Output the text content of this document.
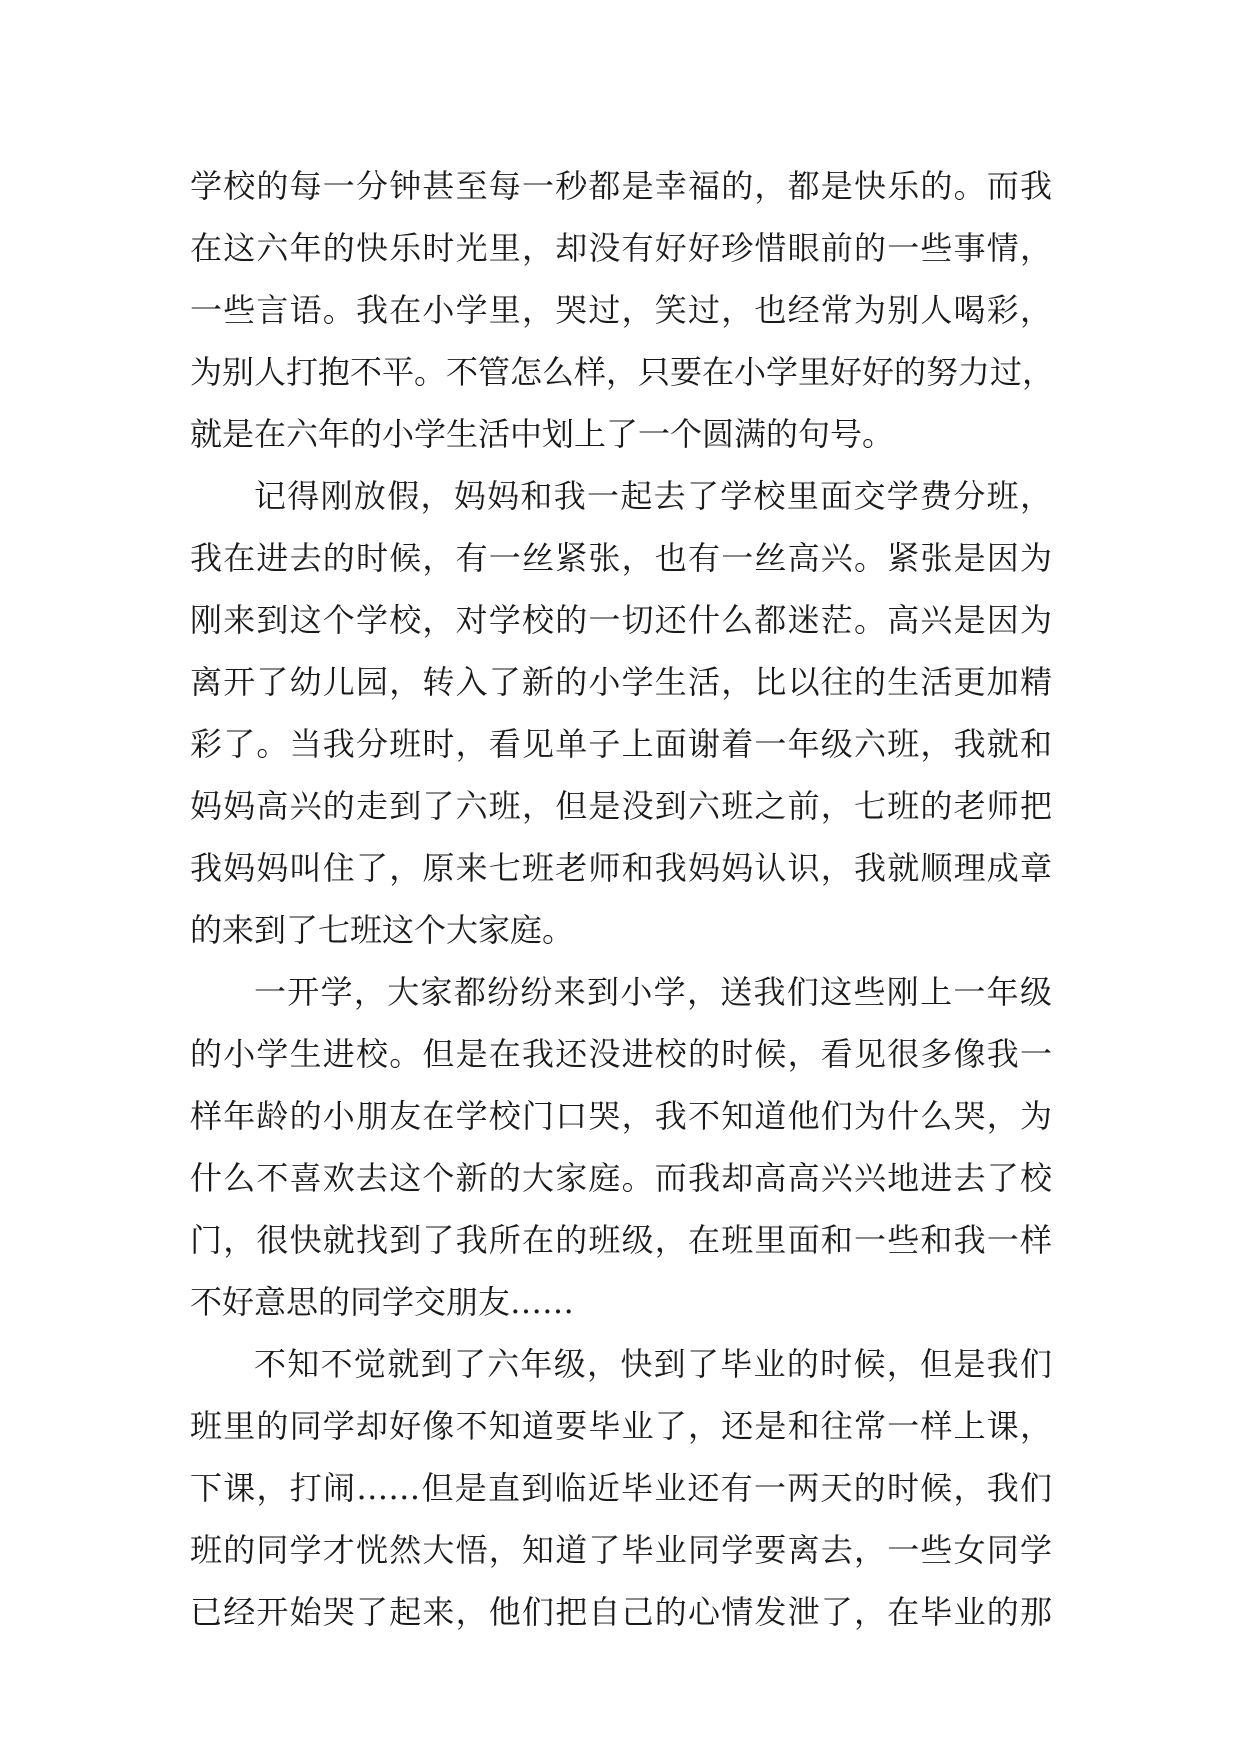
学校的每一分钟甚至每一秒都是幸福的，都是快乐的。而我
在这六年的快乐时光里，却没有好好珍惜眼前的一些事情，
一些言语。我在小学里，哭过，笑过，也经常为别人喝彩，
为别人打抱不平。不管怎么样，只要在小学里好好的努力过，
就是在六年的小学生活中划上了一个圆满的句号。
记得刚放假，妈妈和我一起去了学校里面交学费分班，
我在进去的时候，有一丝紧张，也有一丝高兴。紧张是因为
刚来到这个学校，对学校的一切还什么都迷茫。高兴是因为
离开了幼儿园，转入了新的小学生活，比以往的生活更加精
彩了。当我分班时，看见单子上面谢着一年级六班，我就和
妈妈高兴的走到了六班，但是没到六班之前，七班的老师把
我妈妈叫住了，原来七班老师和我妈妈认识，我就顺理成章
的来到了七班这个大家庭。
一开学，大家都纷纷来到小学，送我们这些刚上一年级
的小学生进校。但是在我还没进校的时候，看见很多像我一
样年龄的小朋友在学校门口哭，我不知道他们为什么哭，为
什么不喜欢去这个新的大家庭。而我却高高兴兴地进去了校
门，很快就找到了我所在的班级，在班里面和一些和我一样
不好意思的同学交朋友……
不知不觉就到了六年级，快到了毕业的时候，但是我们
班里的同学却好像不知道要毕业了，还是和往常一样上课，
下课，打闹……但是直到临近毕业还有一两天的时候，我们
班的同学才恍然大悟，知道了毕业同学要离去，一些女同学
已经开始哭了起来，他们把自己的心情发泄了，在毕业的那
